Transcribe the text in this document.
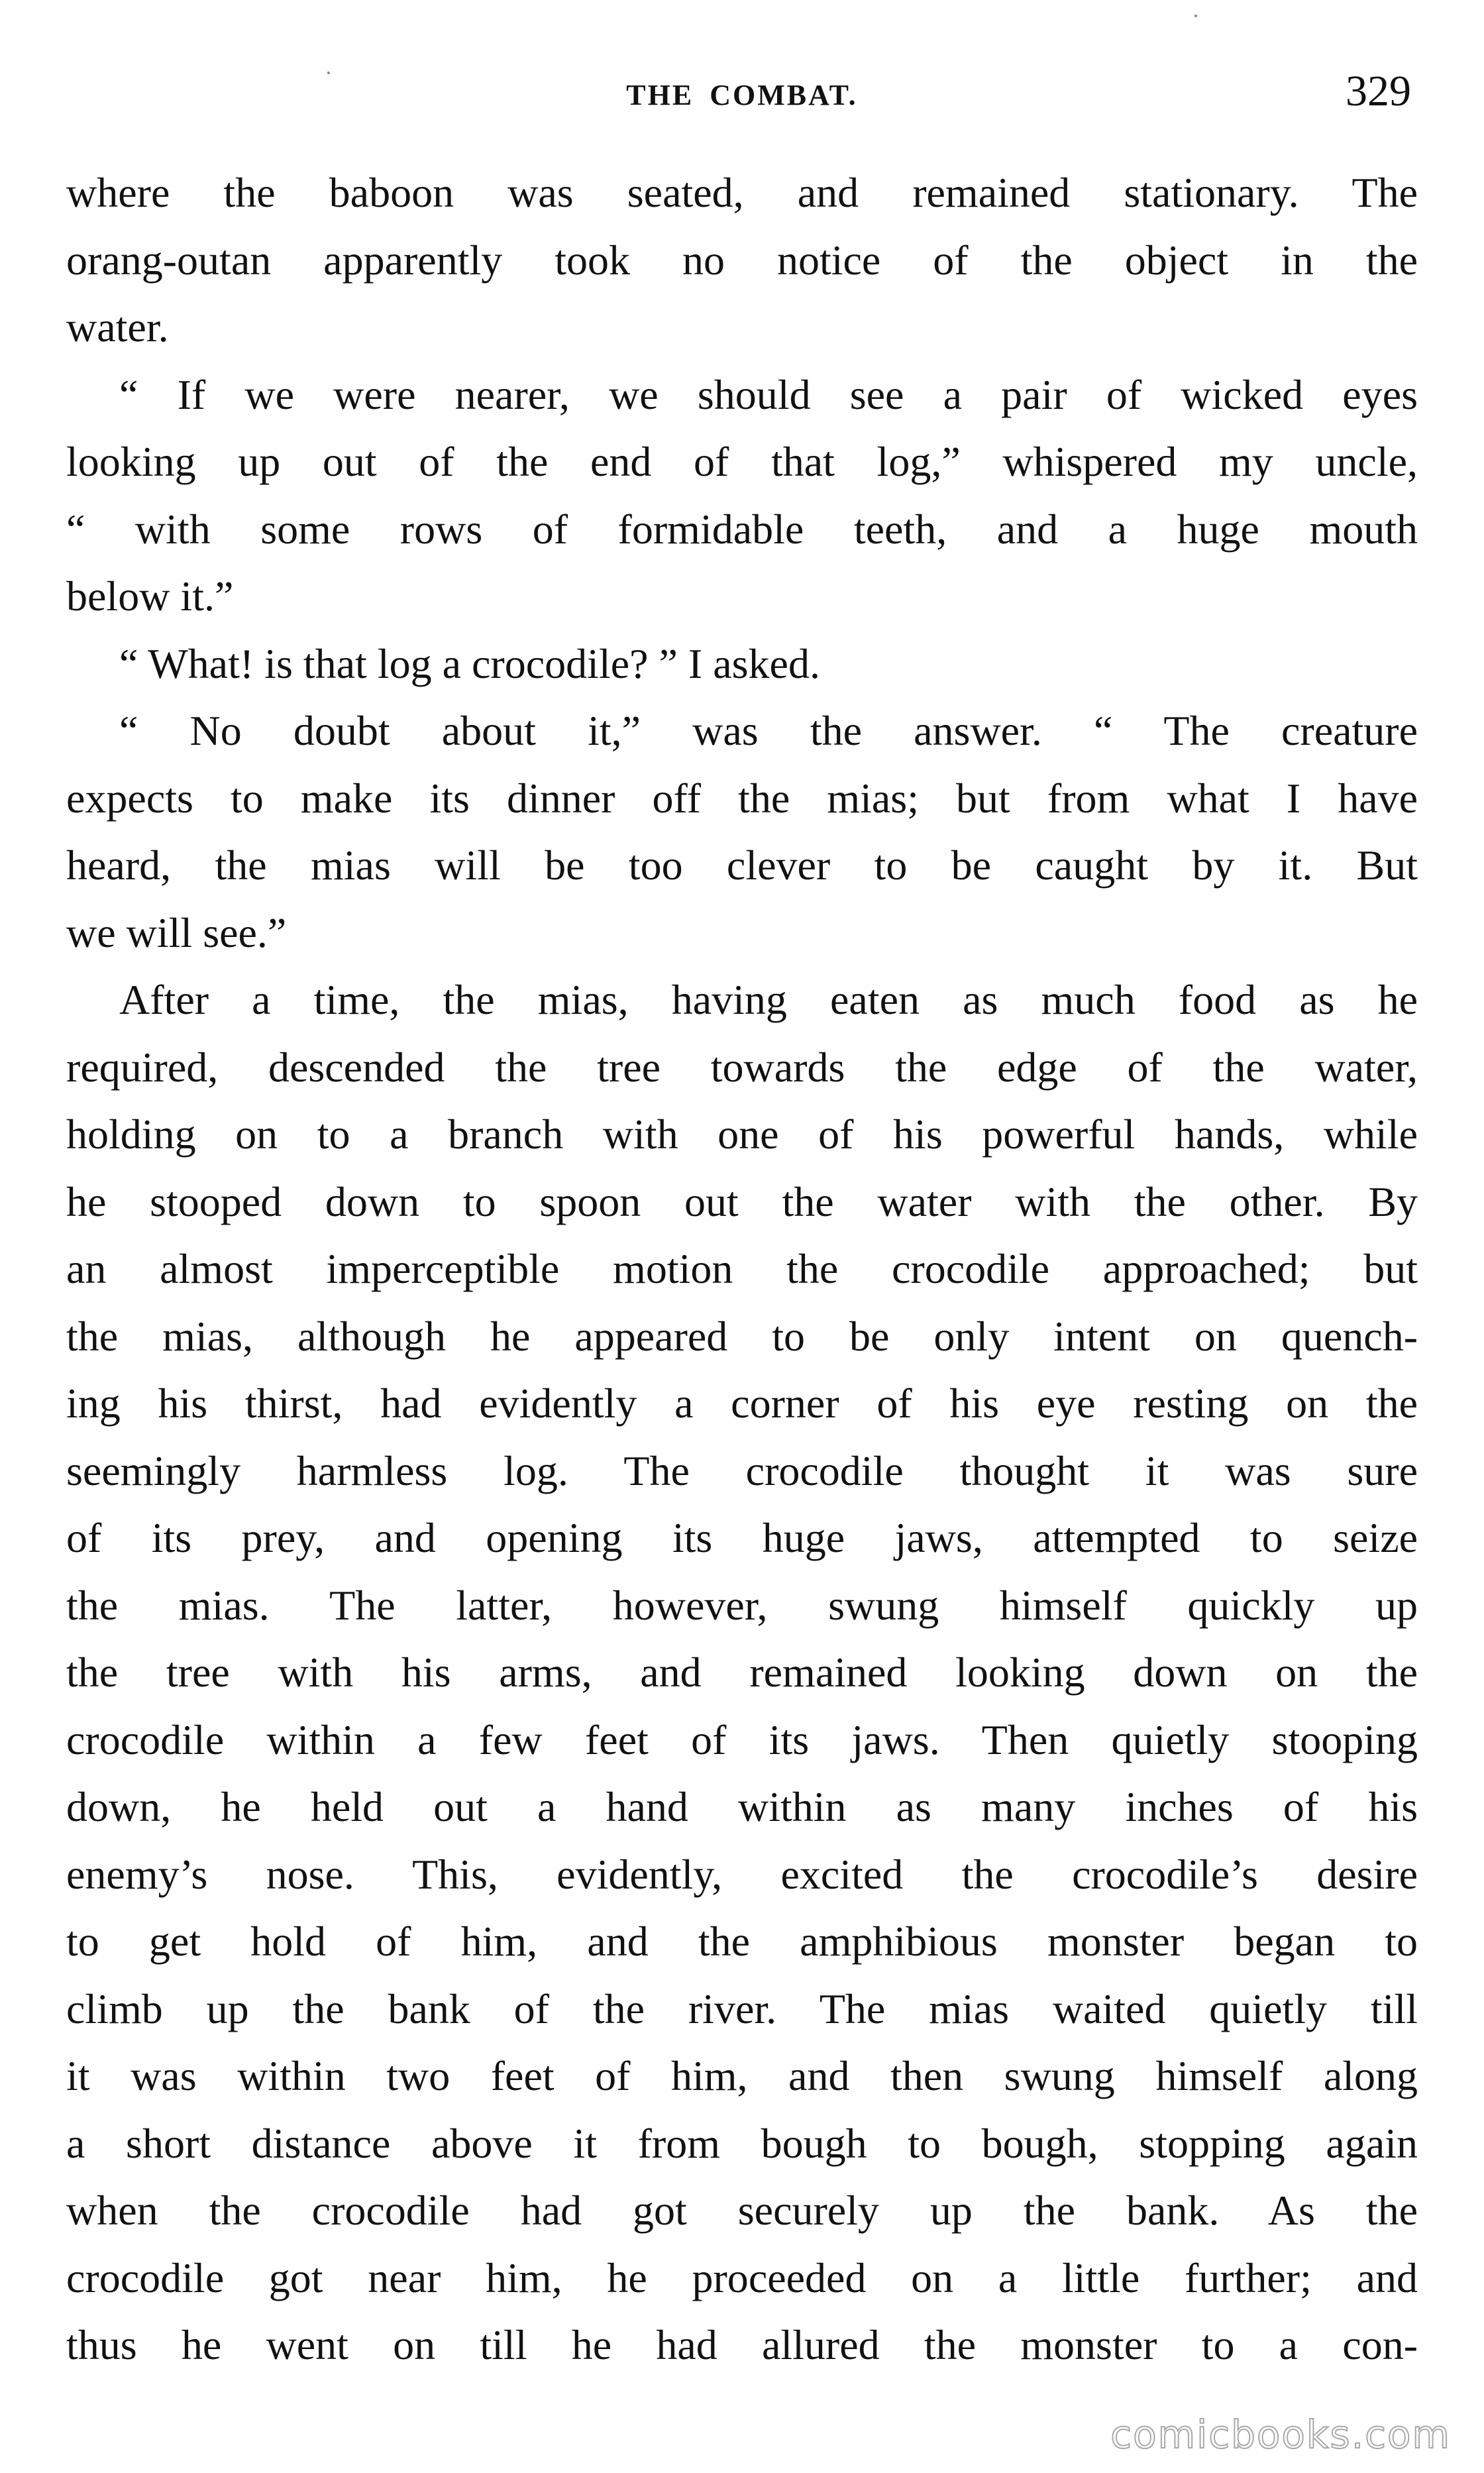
THE COMBAT.	329
where the baboon was seated, and remained stationary. The
orang-outan apparently took no notice of the object in the
water.
“ If we were nearer, we should see a pair of wicked eyes
looking up out of the end of that log,” whispered my uncle,
“ with some rows of formidable teeth, and a huge mouth
below it.”
“ What! is that log a crocodile? ” I asked.
“ No doubt about it,” was the answer. “ The creature
expects to make its dinner off the mias; but from what I have
heard, the mias will be too clever to be caught by it. But
we will see.”
After a time, the mias, having eaten as much food as he
required, descended the tree towards the edge of the water,
holding on to a branch with one of his powerful hands, while
he stooped down to spoon out the water with the other. By
an almost imperceptible motion the crocodile approached; but
the mias, although he appeared to be only intent on quench-
ing his thirst, had evidently a corner of his eye resting on the
seemingly harmless log. The crocodile thought it was sure
of its prey, and opening its huge jaws, attempted to seize
the mias. The latter, however, swung himself quickly up
the tree with his arms, and remained looking down on the
crocodile within a few feet of its jaws. Then quietly stooping
down, he held out a hand within as many inches of his
enemy’s nose. This, evidently, excited the crocodile’s desire
to get hold of him, and the amphibious monster began to
climb up the bank of the river. The mias waited quietly till
it was within two feet of him, and then swung himself along
a short distance above it from bough to bough, stopping again
when the crocodile had got securely up the bank. As the
crocodile got near him, he proceeded on a little further; and
thus he went on till he had allured the monster to a con-
comicbooks.com
